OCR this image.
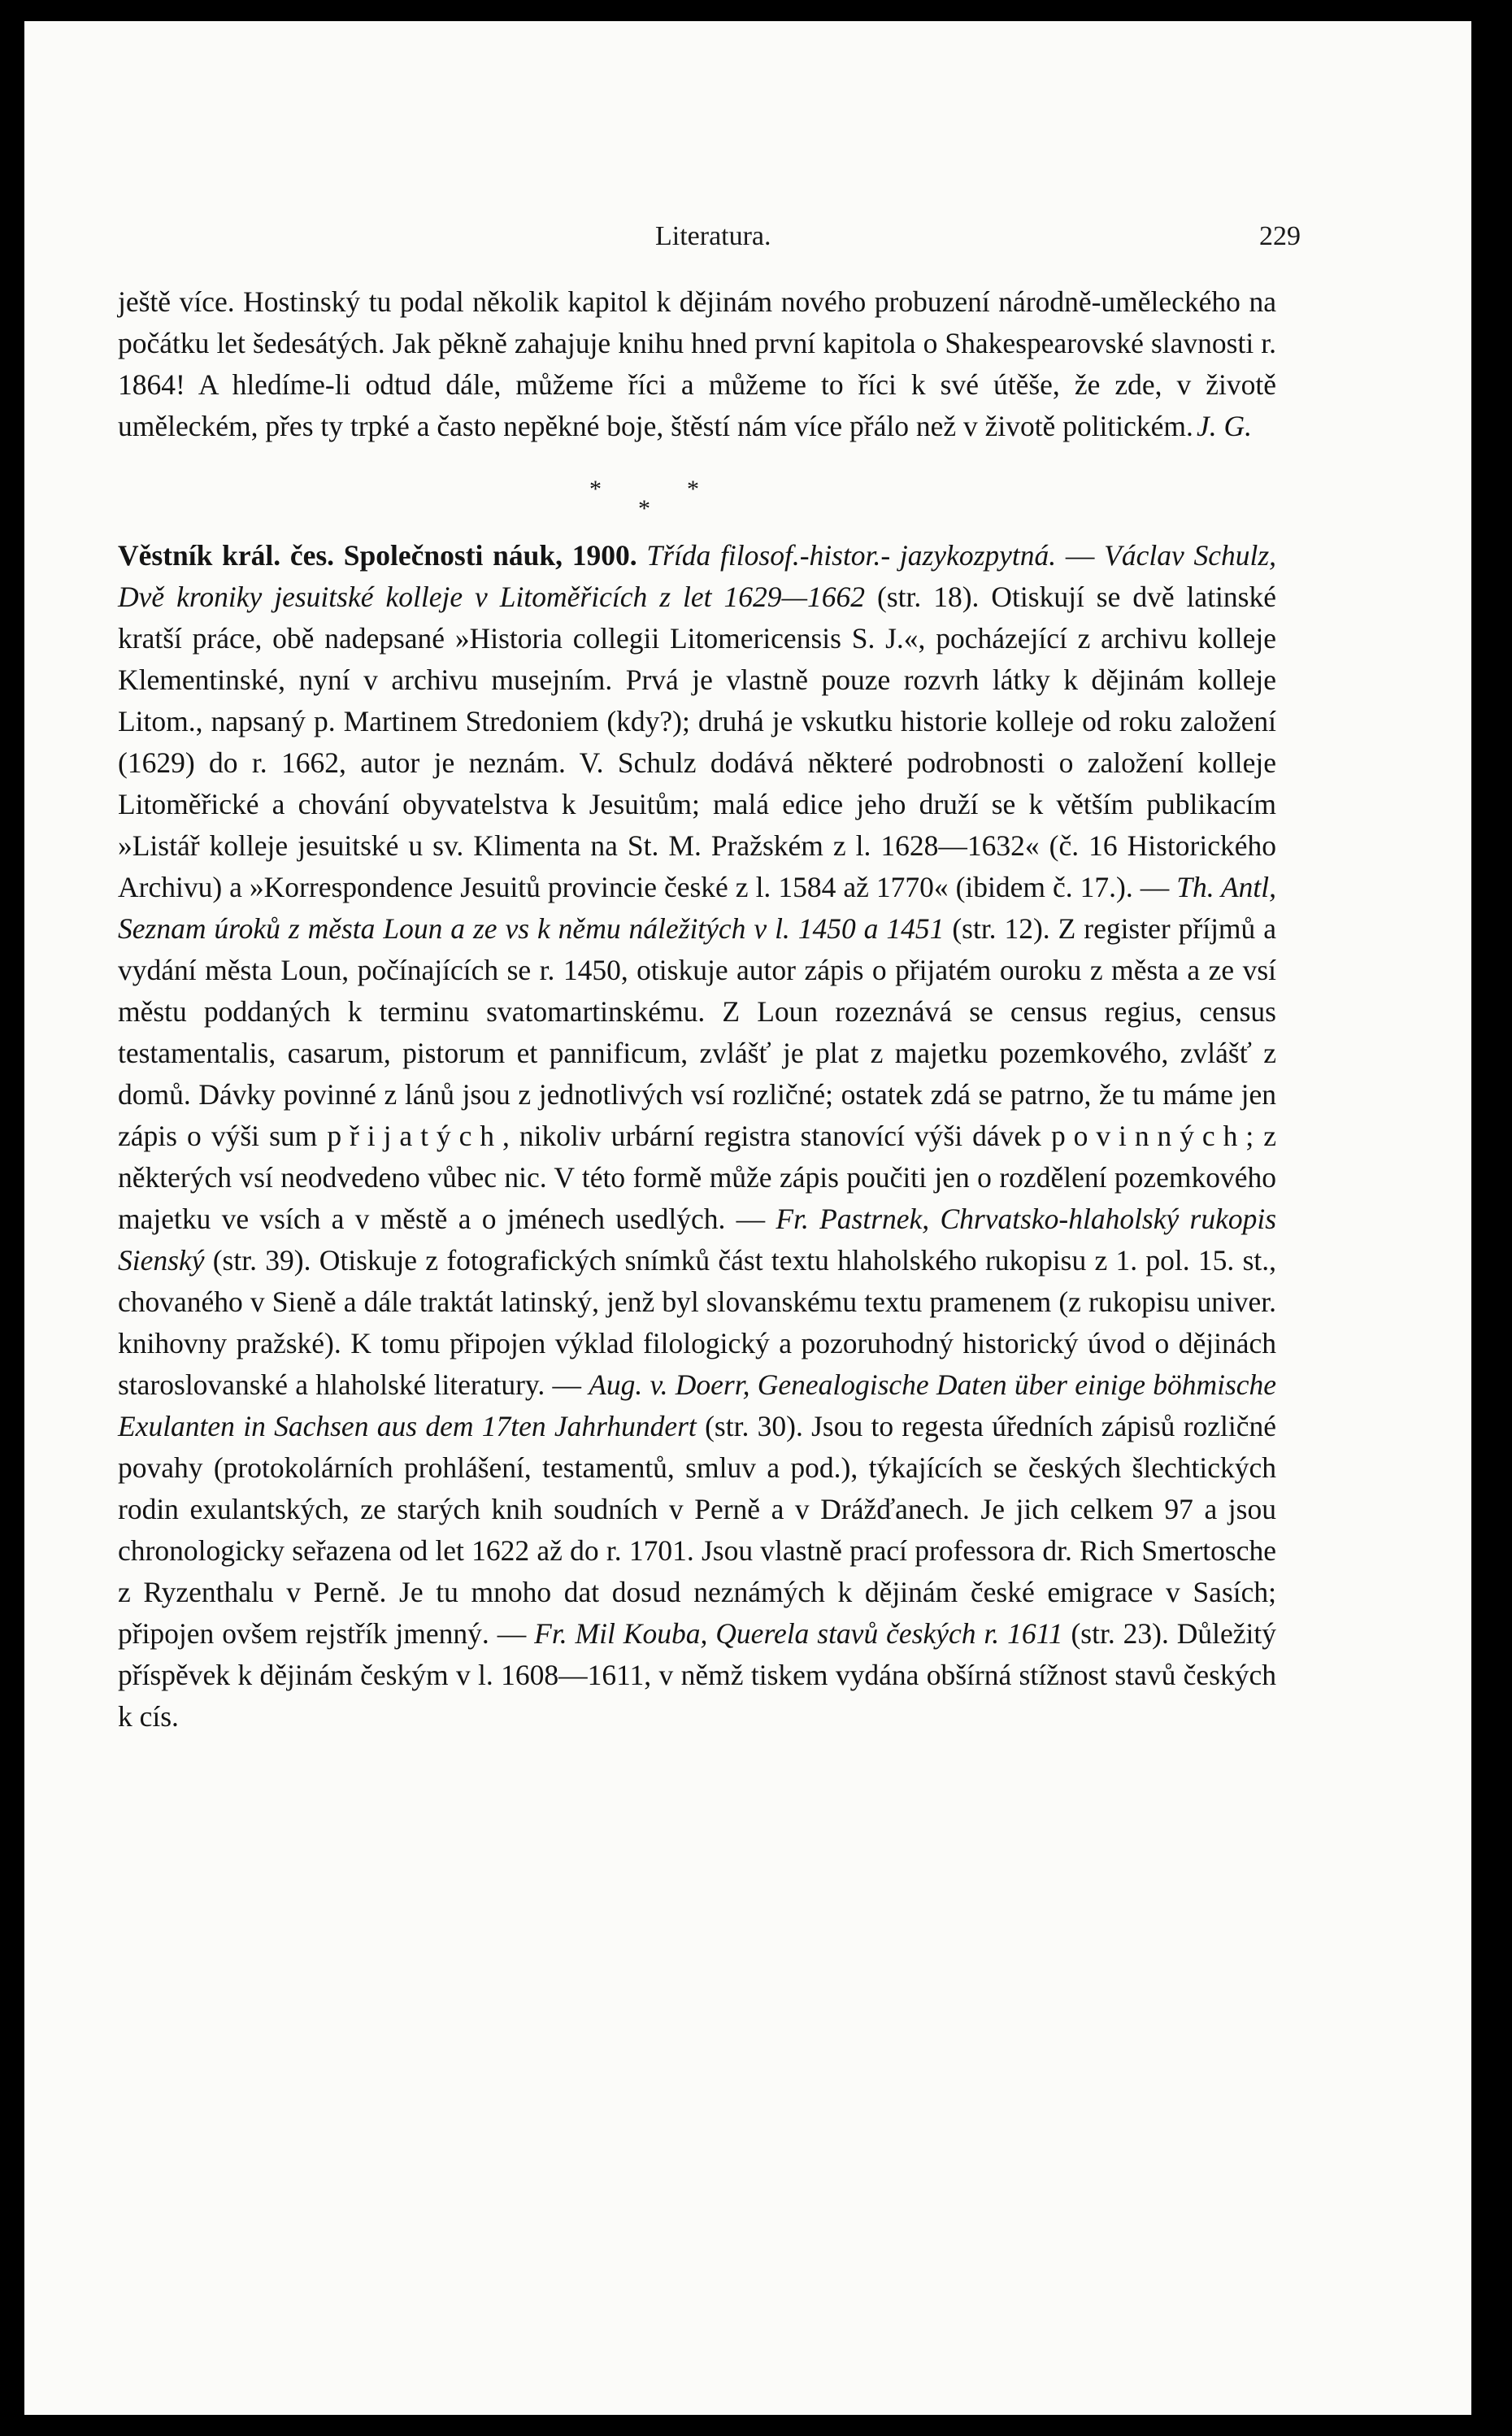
Literatura.	229

ještě více. Hostinský tu podal několik kapitol k dějinám nového probuzení národně-uměleckého na počátku let šedesátých. Jak pěkně zahajuje knihu hned první kapitola o Shakespearovské slavnosti r. 1864! A hledíme-li odtud dále, můžeme říci a můžeme to říci k své útěše, že zde, v životě uměleckém, přes ty trpké a často nepěkné boje, štěstí nám více přálo než v životě politickém. J. G.

*
*
*

Věstník král. čes. Společnosti náuk, 1900. Třída filosof.-histor.- jazykozpytná. — Václav Schulz, Dvě kroniky jesuitské kolleje v Litoměřicích z let 1629—1662 (str. 18). Otiskují se dvě latinské kratší práce, obě nadepsané »Historia collegii Litomericensis S. J.«, pocházející z archivu kolleje Klementinské, nyní v archivu musejním. Prvá je vlastně pouze rozvrh látky k dějinám kolleje Litom., napsaný p. Martinem Stredoniem (kdy?); druhá je vskutku historie kolleje od roku založení (1629) do r. 1662, autor je neznám. V. Schulz dodává některé podrobnosti o založení kolleje Litoměřické a chování obyvatelstva k Jesuitům; malá edice jeho druží se k větším publikacím »Listář kolleje jesuitské u sv. Klimenta na St. M. Pražském z l. 1628—1632« (č. 16 Historického Archivu) a »Korrespondence Jesuitů provincie české z l. 1584 až 1770« (ibidem č. 17.). — Th. Antl, Seznam úroků z města Loun a ze vs k němu náležitých v l. 1450 a 1451 (str. 12). Z register příjmů a vydání města Loun, počínajících se r. 1450, otiskuje autor zápis o přijatém ouroku z města a ze vsí městu poddaných k terminu svatomartinskému. Z Loun rozeznává se census regius, census testamentalis, casarum, pistorum et pannificum, zvlášť je plat z majetku pozemkového, zvlášť z domů. Dávky povinné z lánů jsou z jednotlivých vsí rozličné; ostatek zdá se patrno, že tu máme jen zápis o výši sum přijatých, nikoliv urbární registra stanovící výši dávek povinných; z některých vsí neodvedeno vůbec nic. V této formě může zápis poučiti jen o rozdělení pozemkového majetku ve vsích a v městě a o jménech usedlých. — Fr. Pastrnek, Chrvatsko-hlaholský rukopis Sienský (str. 39). Otiskuje z fotografických snímků část textu hlaholského rukopisu z 1. pol. 15. st., chovaného v Sieně a dále traktát latinský, jenž byl slovanskému textu pramenem (z rukopisu univer. knihovny pražské). K tomu připojen výklad filologický a pozoruhodný historický úvod o dějinách staroslovanské a hlaholské literatury. — Aug. v. Doerr, Genealogische Daten über einige böhmische Exulanten in Sachsen aus dem 17ten Jahrhundert (str. 30). Jsou to regesta úředních zápisů rozličné povahy (protokolárních prohlášení, testamentů, smluv a pod.), týkajících se českých šlechtických rodin exulantských, ze starých knih soudních v Perně a v Drážďanech. Je jich celkem 97 a jsou chronologicky seřazena od let 1622 až do r. 1701. Jsou vlastně prací professora dr. Rich Smertosche z Ryzenthalu v Perně. Je tu mnoho dat dosud neznámých k dějinám české emigrace v Sasích; připojen ovšem rejstřík jmenný. — Fr. Mil Kouba, Querela stavů českých r. 1611 (str. 23). Důležitý příspěvek k dějinám českým v l. 1608—1611, v němž tiskem vydána obšírná stížnost stavů českých k cís.
